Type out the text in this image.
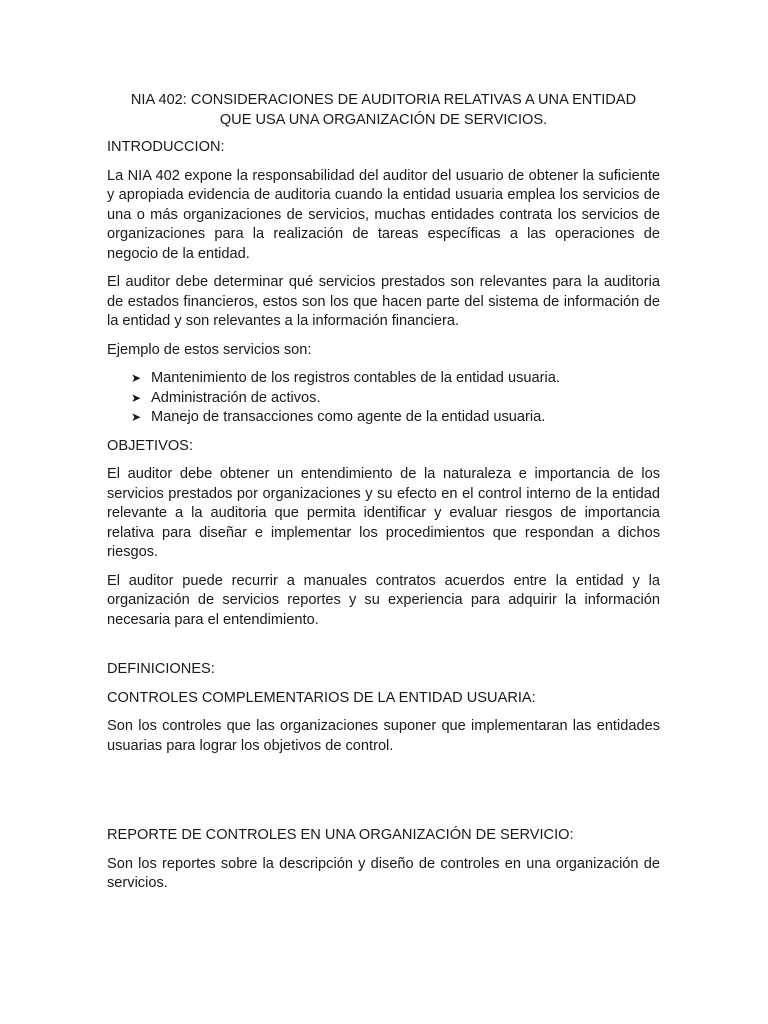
NIA 402: CONSIDERACIONES DE AUDITORIA RELATIVAS A UNA ENTIDAD
QUE USA UNA ORGANIZACIÓN DE SERVICIOS.
INTRODUCCION:

La NIA 402 expone la responsabilidad del auditor del usuario de obtener la suficiente y apropiada evidencia de auditoria cuando la entidad usuaria emplea los servicios de una o más organizaciones de servicios, muchas entidades contrata los servicios de organizaciones para la realización de tareas específicas a las operaciones de negocio de la entidad.

El auditor debe determinar qué servicios prestados son relevantes para la auditoria de estados financieros, estos son los que hacen parte del sistema de información de la entidad y son relevantes a la información financiera.

Ejemplo de estos servicios son:

➤ Mantenimiento de los registros contables de la entidad usuaria.
➤ Administración de activos.
➤ Manejo de transacciones como agente de la entidad usuaria.
OBJETIVOS:

El auditor debe obtener un entendimiento de la naturaleza e importancia de los servicios prestados por organizaciones y su efecto en el control interno de la entidad relevante a la auditoria que permita identificar y evaluar riesgos de importancia relativa para diseñar e implementar los procedimientos que respondan a dichos riesgos.

El auditor puede recurrir a manuales contratos acuerdos entre la entidad y la organización de servicios reportes y su experiencia para adquirir la información necesaria para el entendimiento.

DEFINICIONES:
CONTROLES COMPLEMENTARIOS DE LA ENTIDAD USUARIA:

Son los controles que las organizaciones suponer que implementaran las entidades usuarias para lograr los objetivos de control.

REPORTE DE CONTROLES EN UNA ORGANIZACIÓN DE SERVICIO:

Son los reportes sobre la descripción y diseño de controles en una organización de servicios.
